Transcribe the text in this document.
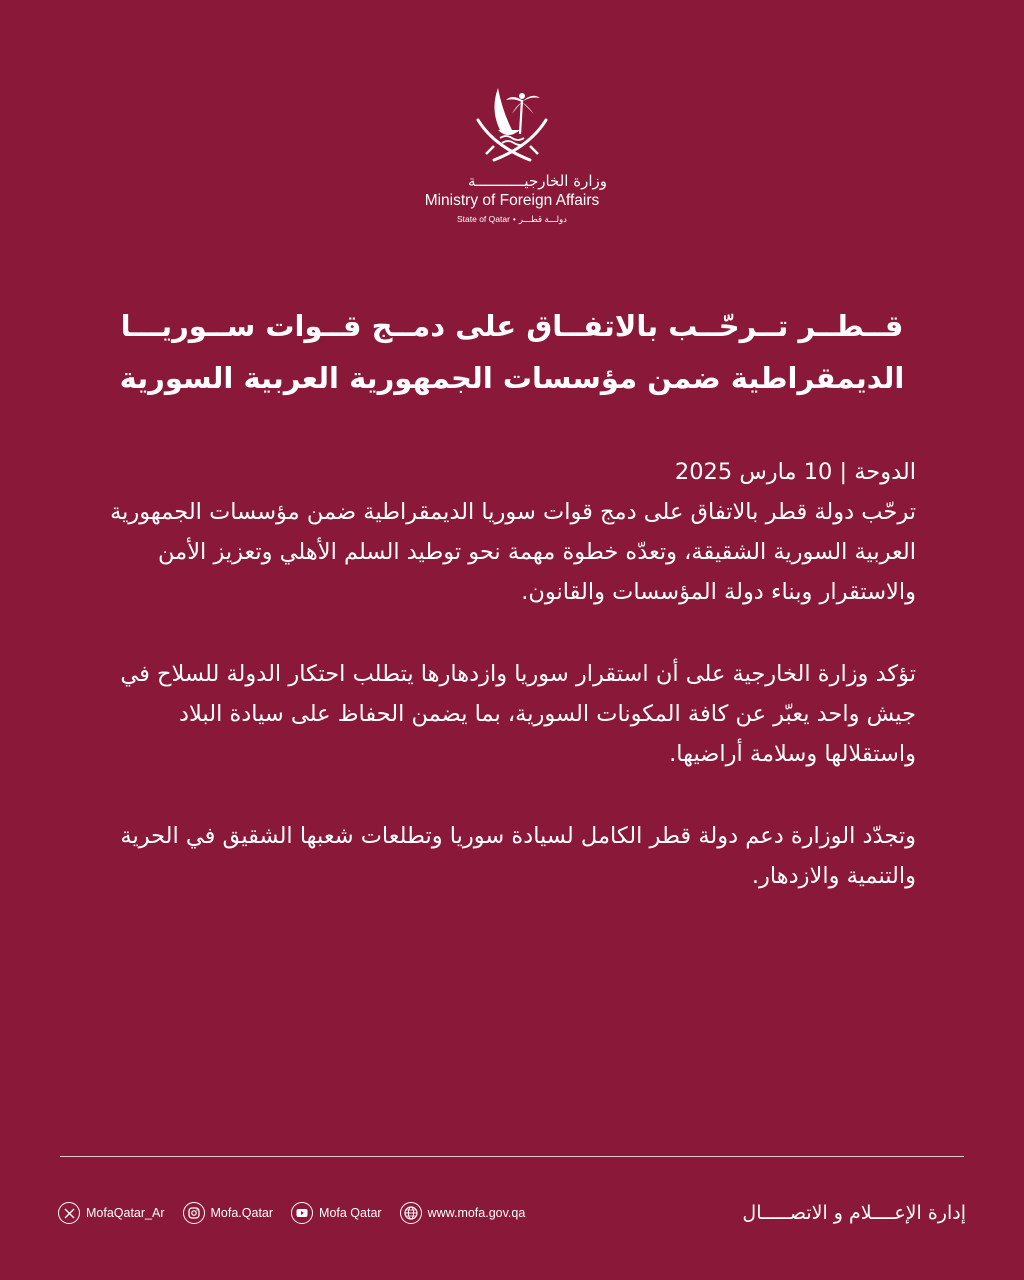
وزارة الخارجيـــــــــــة
Ministry of Foreign Affairs
State of Qatar • دولـــة قطـــر
قــطــر تــرحّــب بالاتفــاق على دمــج قــوات ســوريـــا
الديمقراطية ضمن مؤسسات الجمهورية العربية السورية

الدوحة | 10 مارس 2025

ترحّب دولة قطر بالاتفاق على دمج قوات سوريا الديمقراطية ضمن مؤسسات الجمهورية العربية السورية الشقيقة، وتعدّه خطوة مهمة نحو توطيد السلم الأهلي وتعزيز الأمن والاستقرار وبناء دولة المؤسسات والقانون.

تؤكد وزارة الخارجية على أن استقرار سوريا وازدهارها يتطلب احتكار الدولة للسلاح في جيش واحد يعبّر عن كافة المكونات السورية، بما يضمن الحفاظ على سيادة البلاد واستقلالها وسلامة أراضيها.

وتجدّد الوزارة دعم دولة قطر الكامل لسيادة سوريا وتطلعات شعبها الشقيق في الحرية والتنمية والازدهار.

MofaQatar_Ar	Mofa.Qatar	Mofa Qatar	www.mofa.gov.qa	إدارة الإعــــلام و الاتصـــــال
